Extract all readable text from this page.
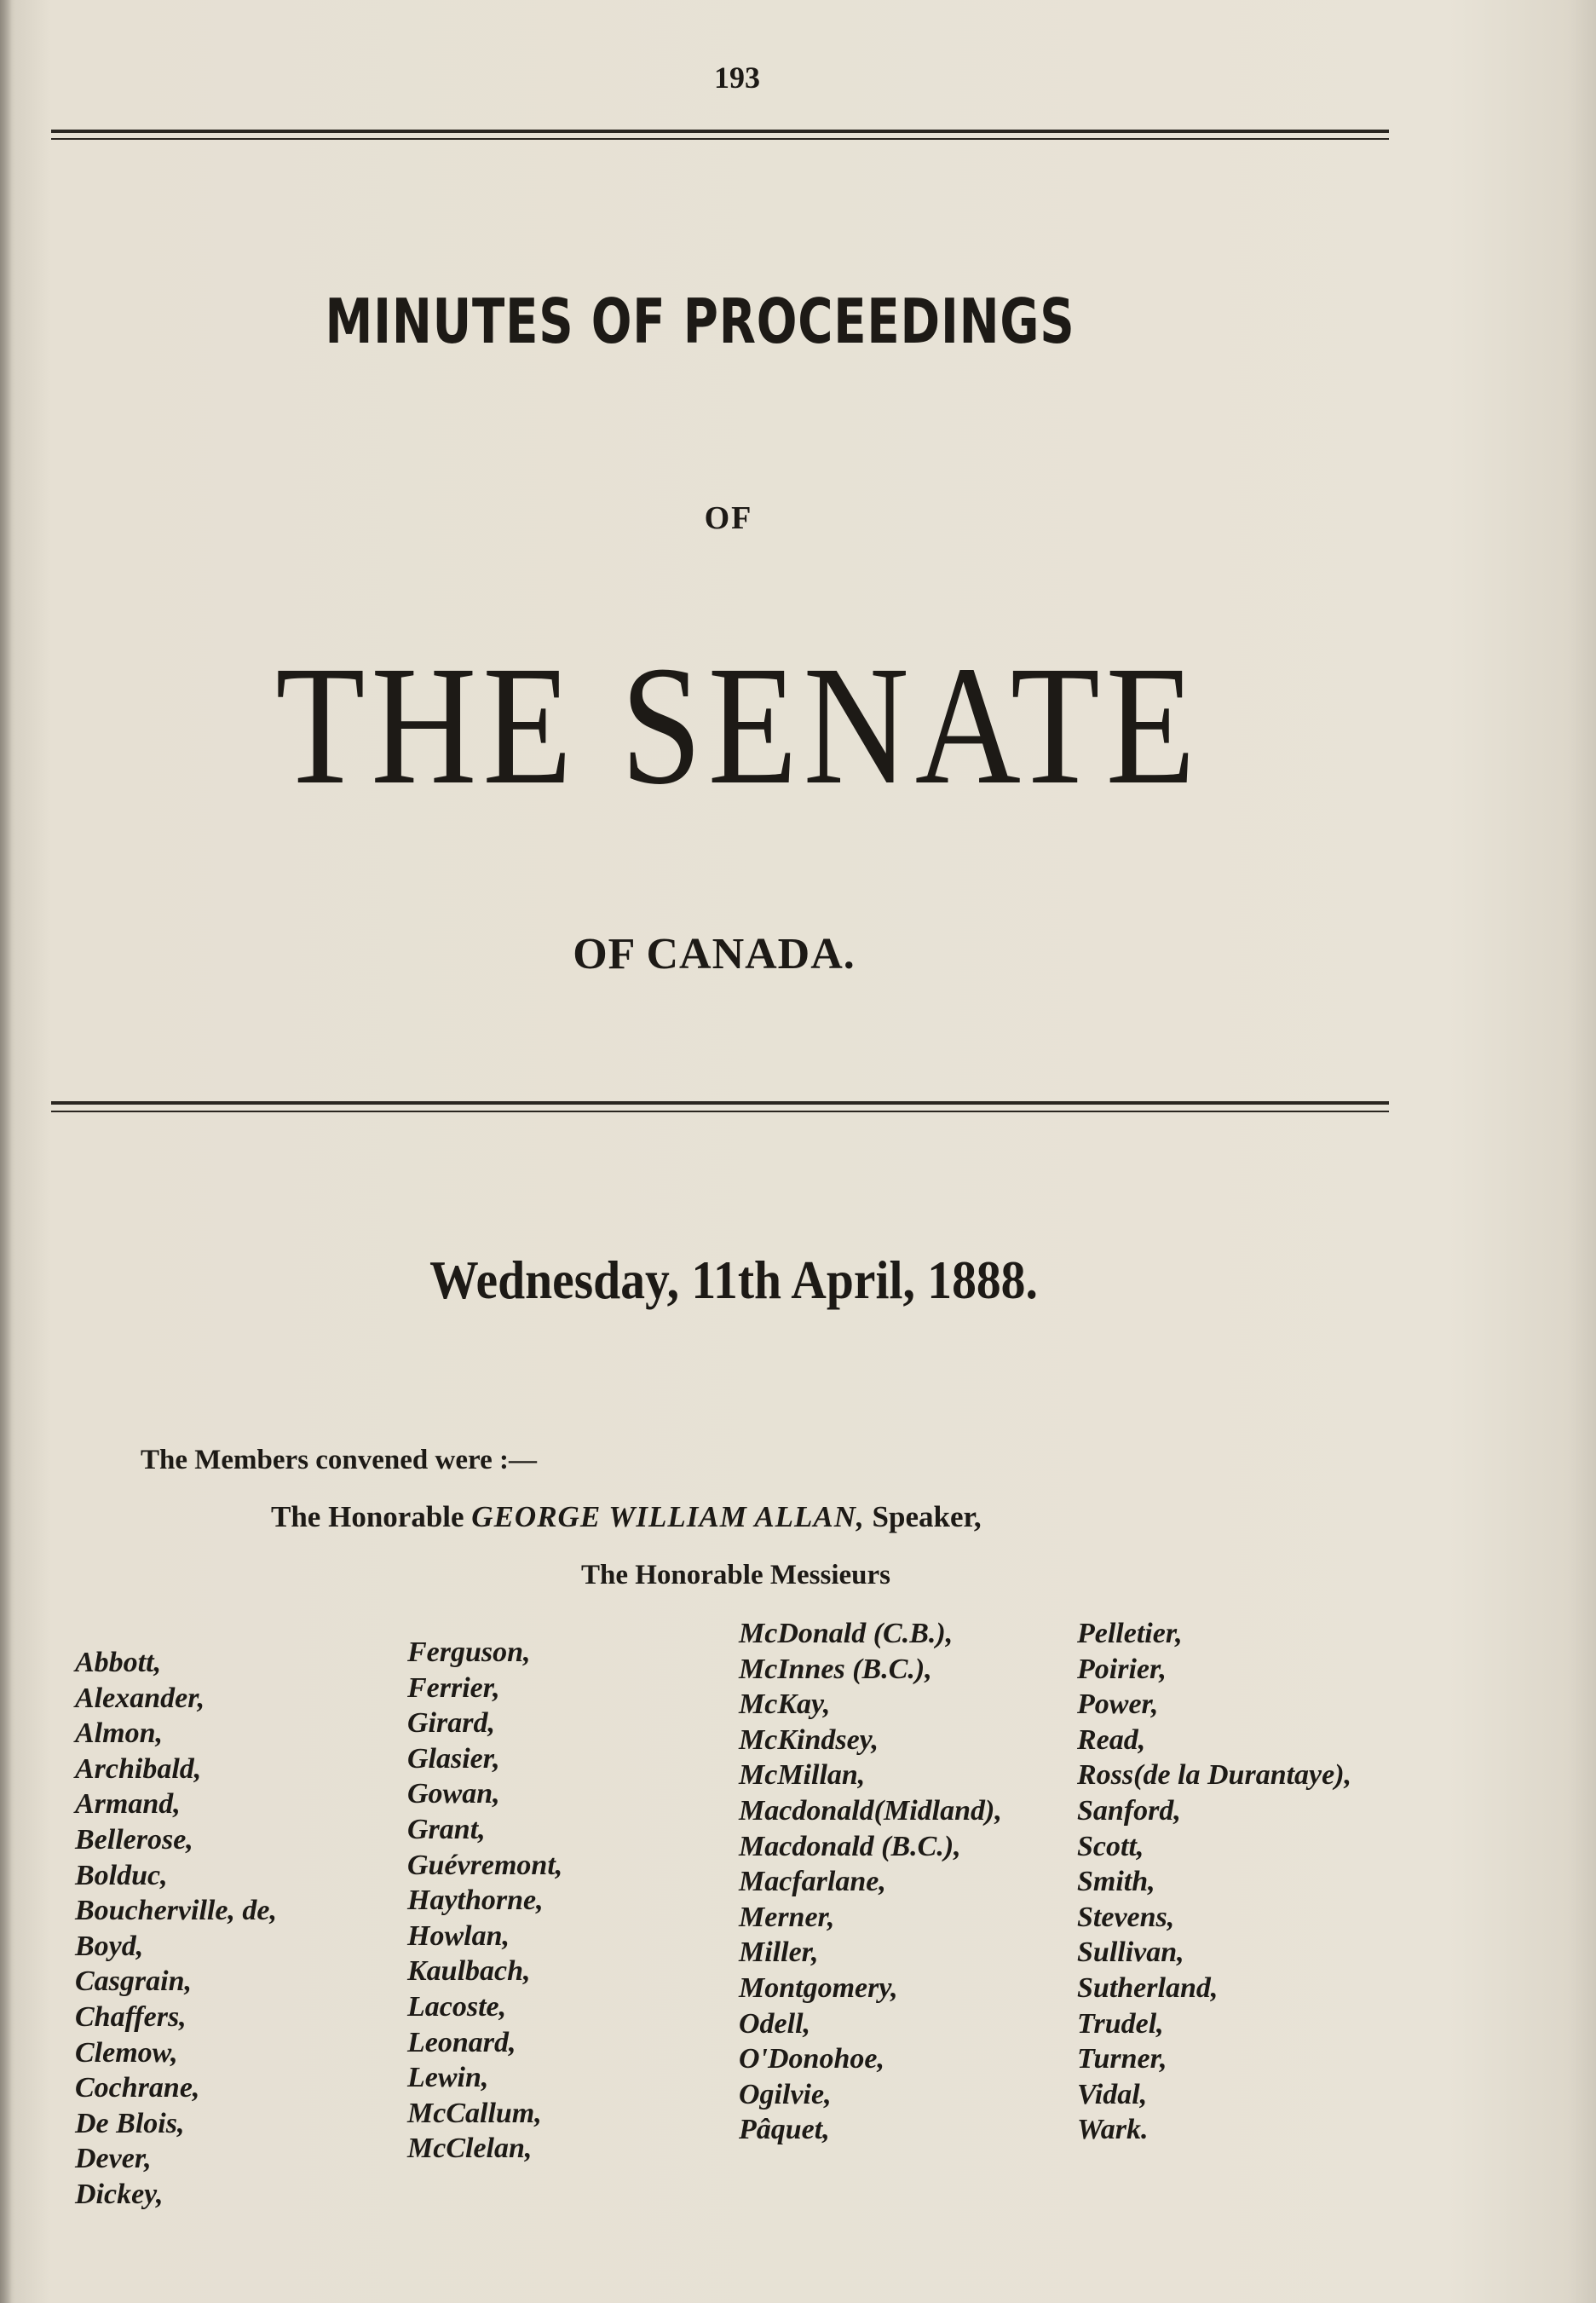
193
MINUTES OF PROCEEDINGS
OF
THE SENATE
OF CANADA.
Wednesday, 11th April, 1888.
The Members convened were :—
The Honorable GEORGE WILLIAM ALLAN, Speaker,
The Honorable Messieurs
Abbott,
Alexander,
Almon,
Archibald,
Armand,
Bellerose,
Bolduc,
Boucherville, de,
Boyd,
Casgrain,
Chaffers,
Clemow,
Cochrane,
De Blois,
Dever,
Dickey,
Ferguson,
Ferrier,
Girard,
Glasier,
Gowan,
Grant,
Guévremont,
Haythorne,
Howlan,
Kaulbach,
Lacoste,
Leonard,
Lewin,
McCallum,
McClelan,
McDonald (C.B.),
McInnes (B.C.),
McKay,
McKindsey,
McMillan,
Macdonald(Midland),
Macdonald (B.C.),
Macfarlane,
Merner,
Miller,
Montgomery,
Odell,
O'Donohoe,
Ogilvie,
Pâquet,
Pelletier,
Poirier,
Power,
Read,
Ross(de la Durantaye),
Sanford,
Scott,
Smith,
Stevens,
Sullivan,
Sutherland,
Trudel,
Turner,
Vidal,
Wark.
